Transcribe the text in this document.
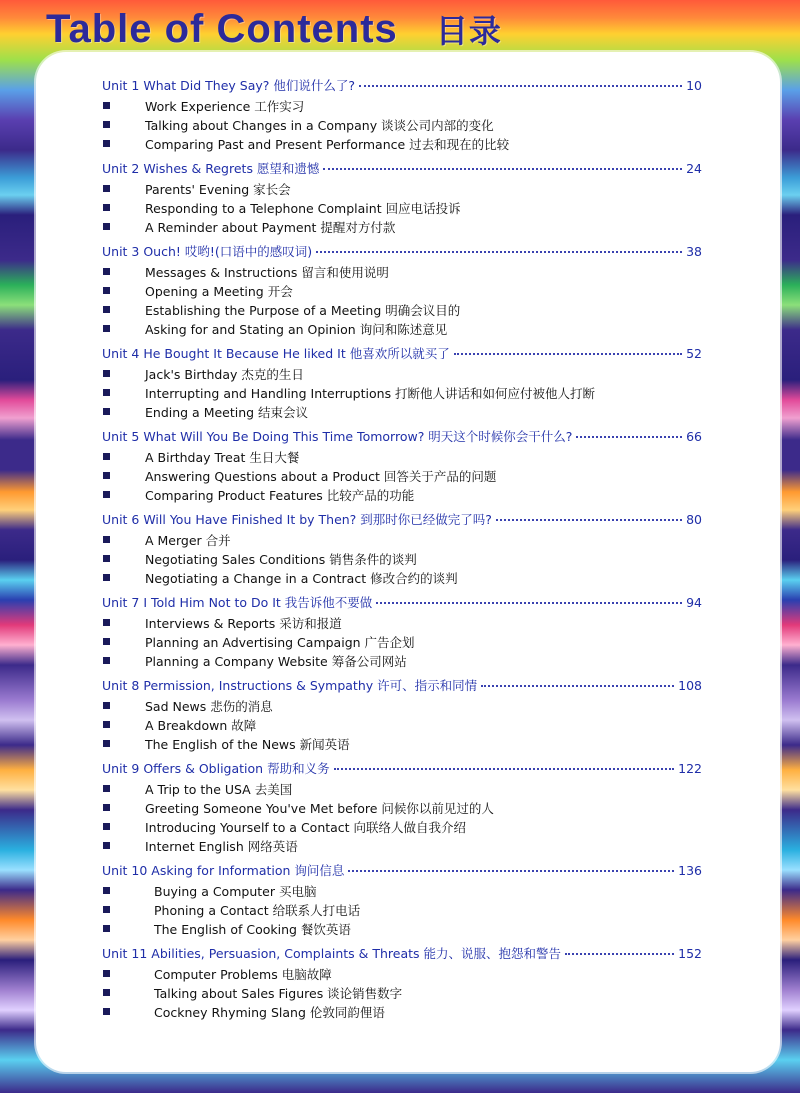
Table of Contents 目录
Unit 1 What Did They Say? 他们说什么了?	10
Work Experience 工作实习
Talking about Changes in a Company 谈谈公司内部的变化
Comparing Past and Present Performance 过去和现在的比较
Unit 2 Wishes & Regrets 愿望和遗憾	24
Parents' Evening 家长会
Responding to a Telephone Complaint 回应电话投诉
A Reminder about Payment 提醒对方付款
Unit 3 Ouch! 哎哟!(口语中的感叹词)	38
Messages & Instructions 留言和使用说明
Opening a Meeting 开会
Establishing the Purpose of a Meeting 明确会议目的
Asking for and Stating an Opinion 询问和陈述意见
Unit 4 He Bought It Because He liked It 他喜欢所以就买了	52
Jack's Birthday 杰克的生日
Interrupting and Handling Interruptions 打断他人讲话和如何应付被他人打断
Ending a Meeting 结束会议
Unit 5 What Will You Be Doing This Time Tomorrow? 明天这个时候你会干什么?	66
A Birthday Treat 生日大餐
Answering Questions about a Product 回答关于产品的问题
Comparing Product Features 比较产品的功能
Unit 6 Will You Have Finished It by Then? 到那时你已经做完了吗?	80
A Merger 合并
Negotiating Sales Conditions 销售条件的谈判
Negotiating a Change in a Contract 修改合约的谈判
Unit 7 I Told Him Not to Do It 我告诉他不要做	94
Interviews & Reports 采访和报道
Planning an Advertising Campaign 广告企划
Planning a Company Website 筹备公司网站
Unit 8 Permission, Instructions & Sympathy 许可、指示和同情	108
Sad News 悲伤的消息
A Breakdown 故障
The English of the News 新闻英语
Unit 9 Offers & Obligation 帮助和义务	122
A Trip to the USA 去美国
Greeting Someone You've Met before 问候你以前见过的人
Introducing Yourself to a Contact 向联络人做自我介绍
Internet English 网络英语
Unit 10 Asking for Information 询问信息	136
Buying a Computer 买电脑
Phoning a Contact 给联系人打电话
The English of Cooking 餐饮英语
Unit 11 Abilities, Persuasion, Complaints & Threats 能力、说服、抱怨和警告	152
Computer Problems 电脑故障
Talking about Sales Figures 谈论销售数字
Cockney Rhyming Slang 伦敦同韵俚语
